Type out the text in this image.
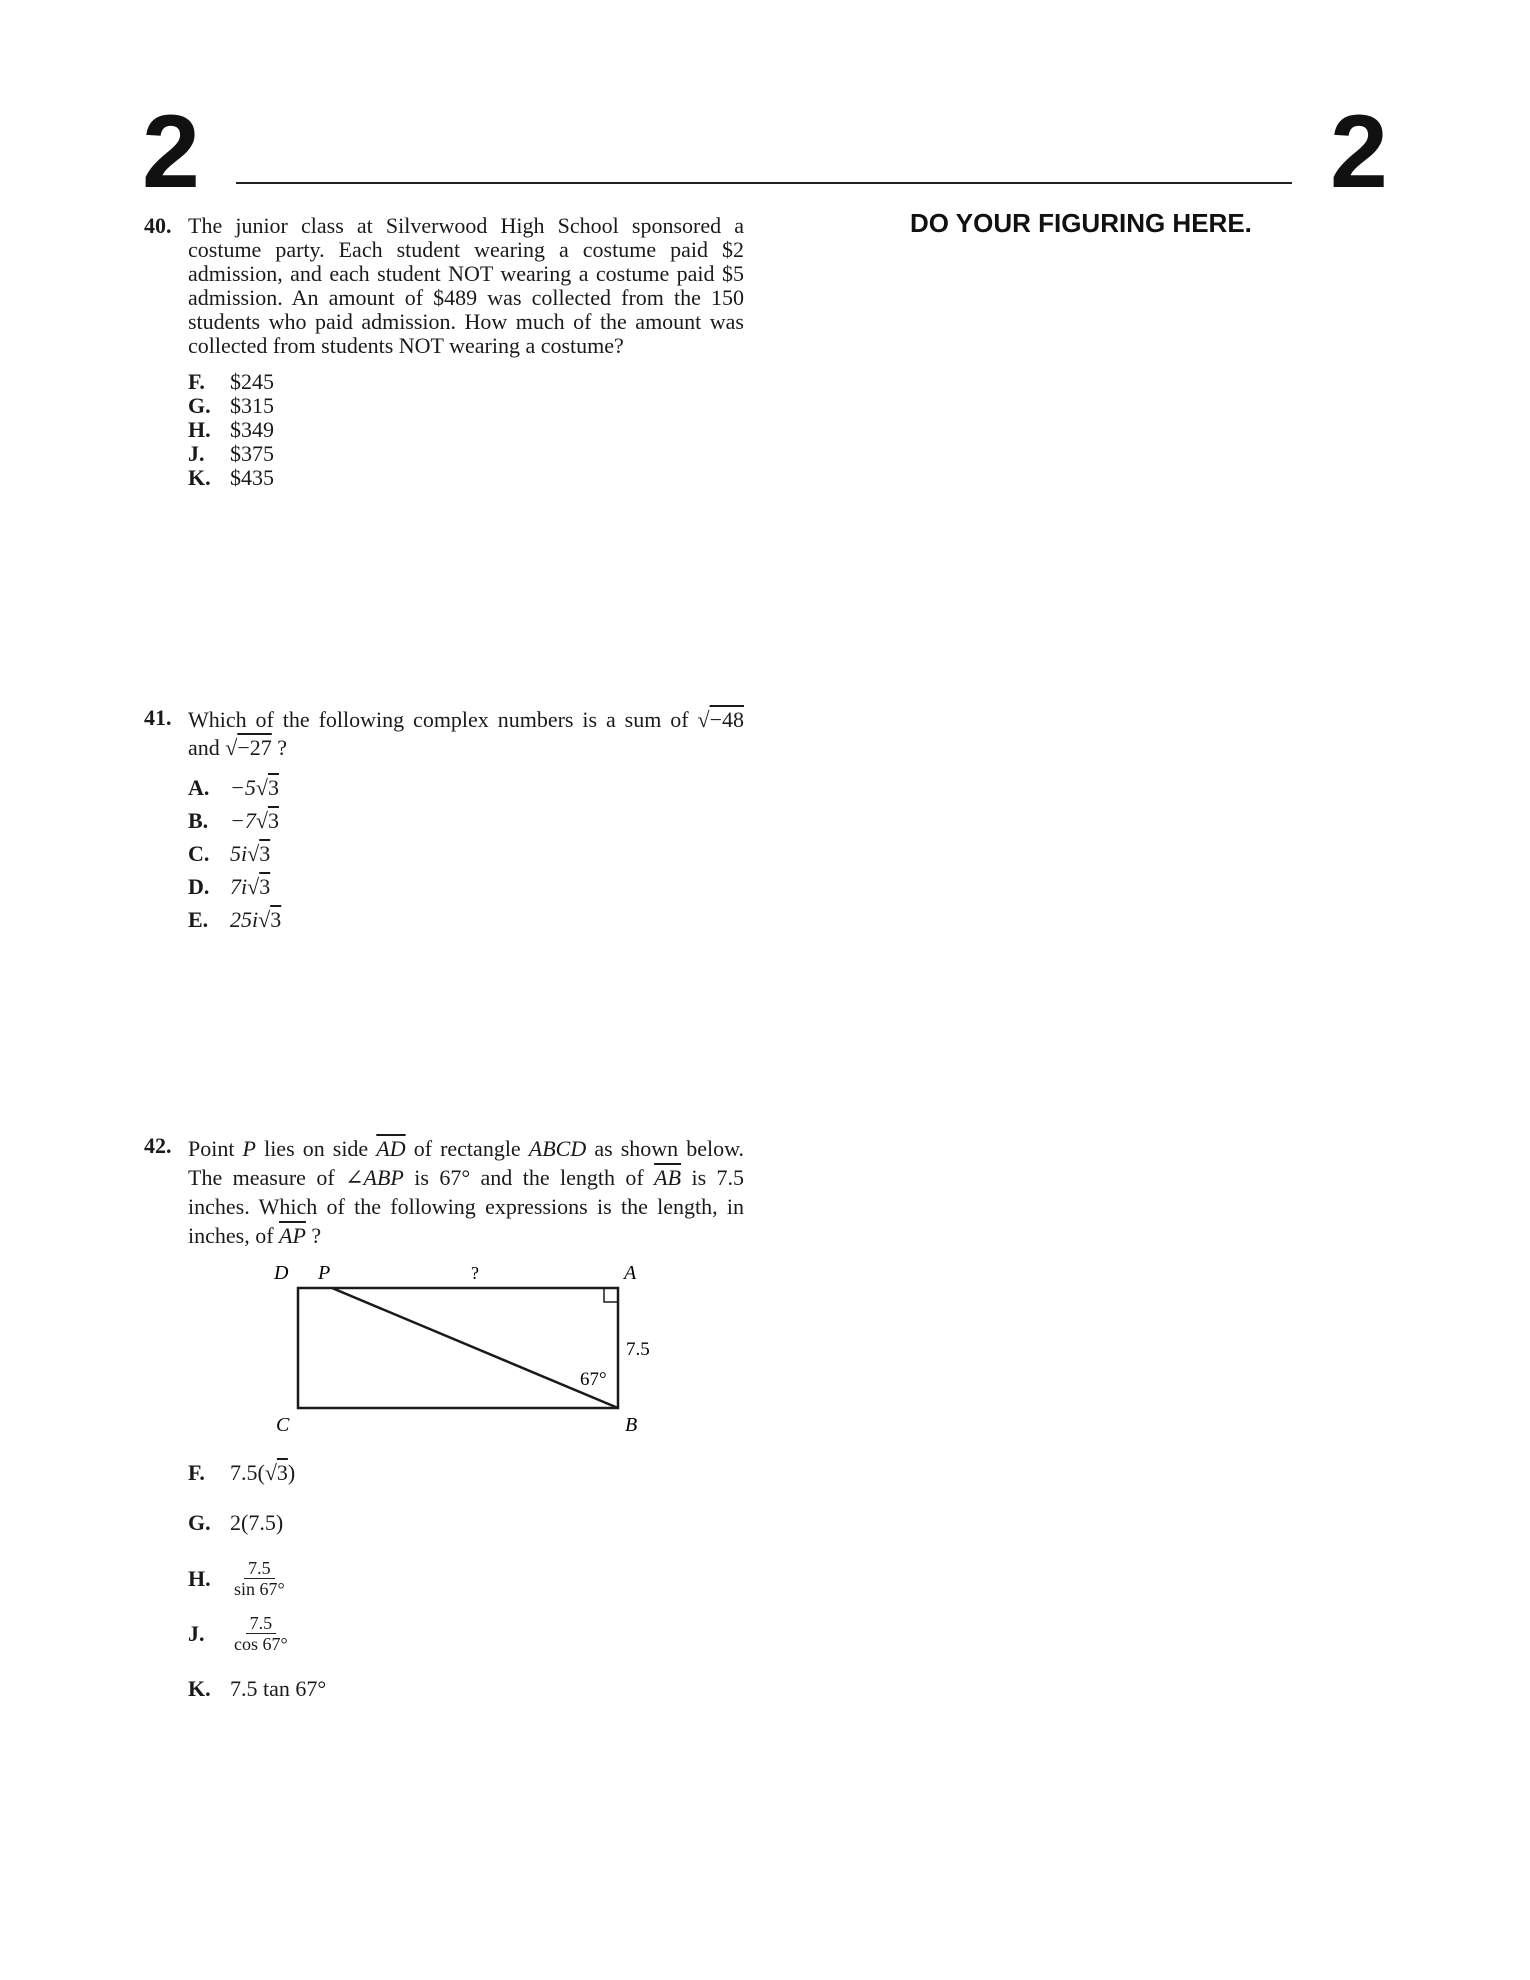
2	2
DO YOUR FIGURING HERE.
40. The junior class at Silverwood High School sponsored a costume party. Each student wearing a costume paid $2 admission, and each student NOT wearing a costume paid $5 admission. An amount of $489 was collected from the 150 students who paid admission. How much of the amount was collected from students NOT wearing a costume?
F.	$245
G. $315
H. $349
J.	$375
K. $435
41. Which of the following complex numbers is a sum of √−48 and √−27 ?
A. −5 √3
B. −7 √3
C. 5i √3
D. 7i √3
E. 25i √3
42. Point P lies on side $\overline{AD}$ of rectangle ABCD as shown below. The measure of ∠ABP is 67° and the length of $\overline{AB}$ is 7.5 inches. Which of the following expressions is the length, in inches, of $\overline{AP}$ ?
D P	?	A
7.5
67°
C	B
F.	7.5( √3 )
G. 2(7.5)
H.	$\frac{7.5}{\sin 67^\circ}$
J.	$\frac{7.5}{\cos 67^\circ}$
K. 7.5 tan 67°
